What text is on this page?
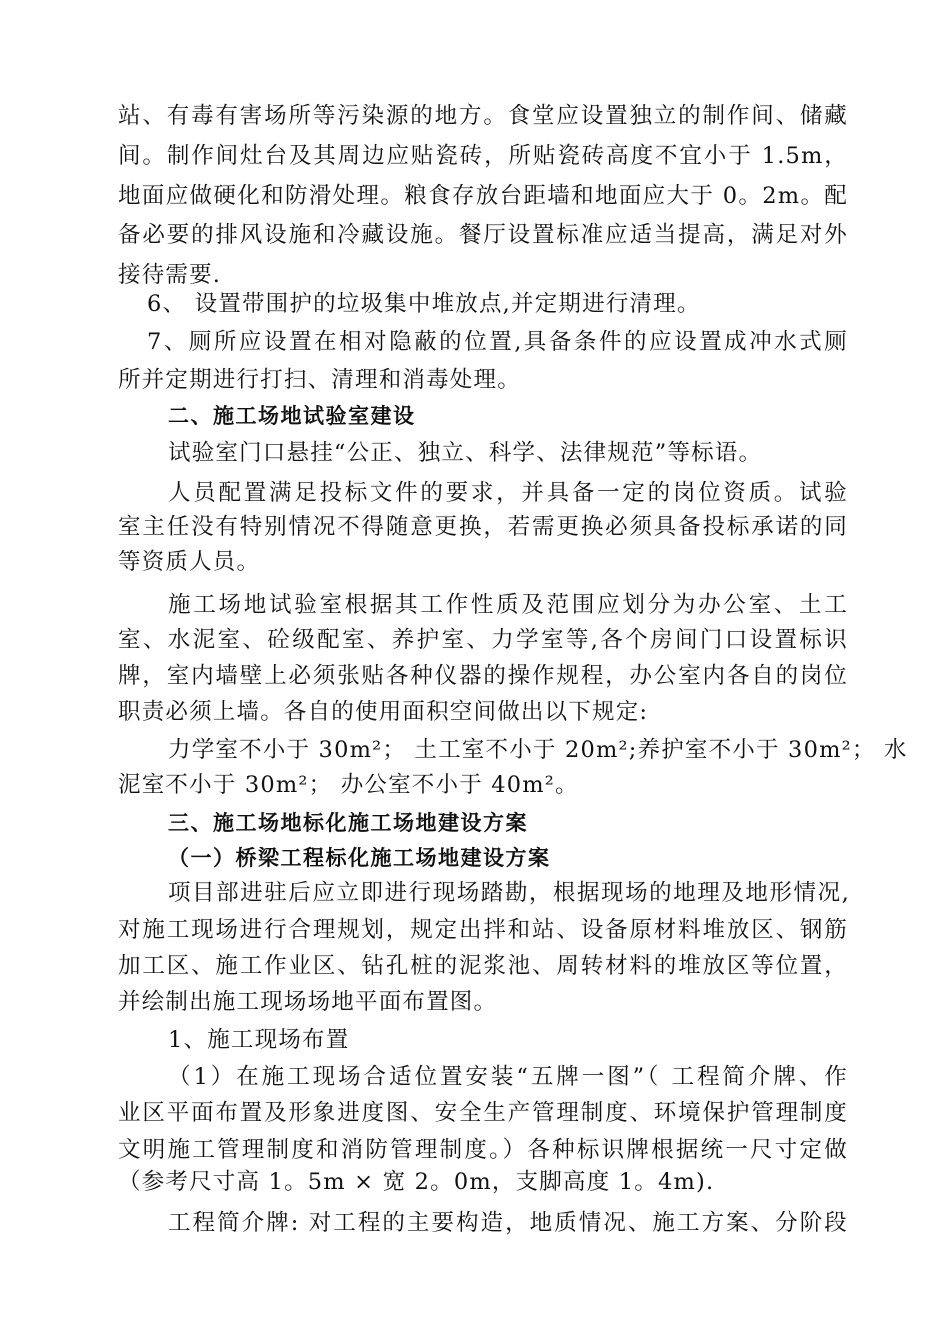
站、有毒有害场所等污染源的地方。食堂应设置独立的制作间、储藏
间。制作间灶台及其周边应贴瓷砖，所贴瓷砖高度不宜小于 1.5m，
地面应做硬化和防滑处理。粮食存放台距墙和地面应大于 0。2m。配
备必要的排风设施和冷藏设施。餐厅设置标准应适当提高，满足对外
接待需要.
6、 设置带围护的垃圾集中堆放点,并定期进行清理。
7、厕所应设置在相对隐蔽的位置,具备条件的应设置成冲水式厕
所并定期进行打扫、清理和消毒处理。
二、施工场地试验室建设
试验室门口悬挂“公正、独立、科学、法律规范”等标语。
人员配置满足投标文件的要求，并具备一定的岗位资质。试验
室主任没有特别情况不得随意更换，若需更换必须具备投标承诺的同
等资质人员。
施工场地试验室根据其工作性质及范围应划分为办公室、土工
室、水泥室、砼级配室、养护室、力学室等,各个房间门口设置标识
牌，室内墙壁上必须张贴各种仪器的操作规程，办公室内各自的岗位
职责必须上墙。各自的使用面积空间做出以下规定:
力学室不小于 30m²； 土工室不小于 20m²;养护室不小于 30m²； 水
泥室不小于 30m²； 办公室不小于 40m²。
三、施工场地标化施工场地建设方案
（一）桥梁工程标化施工场地建设方案
项目部进驻后应立即进行现场踏勘，根据现场的地理及地形情况,
对施工现场进行合理规划，规定出拌和站、设备原材料堆放区、钢筋
加工区、施工作业区、钻孔桩的泥浆池、周转材料的堆放区等位置，
并绘制出施工现场场地平面布置图。
1、施工现场布置
（1）在施工现场合适位置安装“五牌一图”（ 工程简介牌、作
业区平面布置及形象进度图、安全生产管理制度、环境保护管理制度
文明施工管理制度和消防管理制度。）各种标识牌根据统一尺寸定做
（参考尺寸高 1。5m × 宽 2。0m，支脚高度 1。4m).
工程简介牌: 对工程的主要构造，地质情况、施工方案、分阶段
